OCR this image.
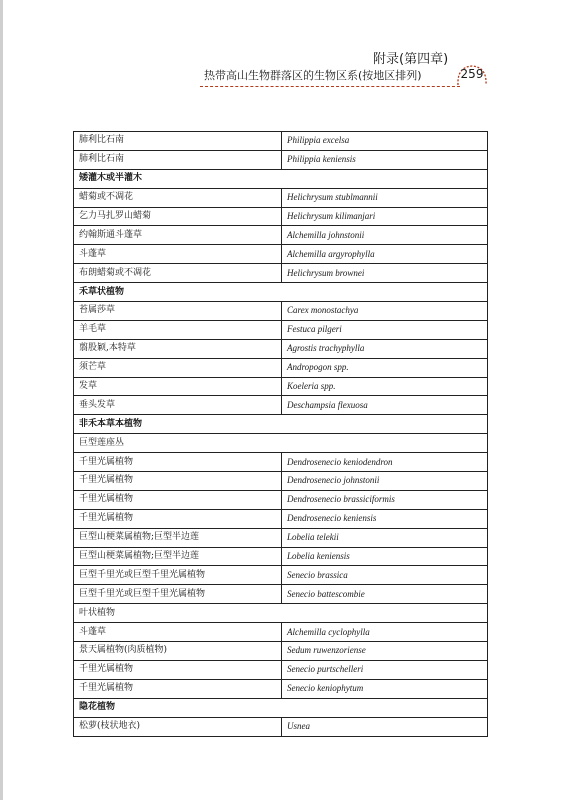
附录(第四章)
热带高山生物群落区的生物区系(按地区排列)	259
肺利比石南	Philippia excelsa
肺利比石南	Philippia keniensis
矮灌木或半灌木	
蜡菊或不凋花	Helichrysum stublmannii
乞力马扎罗山蜡菊	Helichrysum kilimanjari
约翰斯通斗蓬草	Alchemilla johnstonii
斗蓬草	Alchemilla argyrophylla
布朗蜡菊或不凋花	Helichrysum brownei
禾草状植物	
苔属莎草	Carex monostachya
羊毛草	Festuca pilgeri
翦股颖,本特草	Agrostis trachyphylla
须芒草	Andropogon spp.
发草	Koeleria spp.
垂头发草	Deschampsia flexuosa
非禾本草本植物	
巨型莲座丛	
千里光属植物	Dendrosenecio keniodendron
千里光属植物	Dendrosenecio johnstonii
千里光属植物	Dendrosenecio brassiciformis
千里光属植物	Dendrosenecio keniensis
巨型山梗菜属植物;巨型半边莲	Lobelia telekii
巨型山梗菜属植物;巨型半边莲	Lobelia keniensis
巨型千里光或巨型千里光属植物	Senecio brassica
巨型千里光或巨型千里光属植物	Senecio battescombie
叶状植物	
斗蓬草	Alchemilla cyclophylla
景天属植物(肉质植物)	Sedum ruwenzoriense
千里光属植物	Senecio purtschelleri
千里光属植物	Senecio keniophytum
隐花植物	
松萝(枝状地衣)	Usnea
